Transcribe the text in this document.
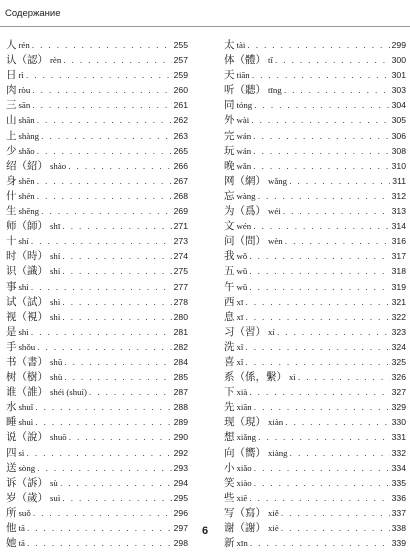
Содержание
人 rén . . .	255
认（認） rèn . . .	257
日 rì . . .	259
肉 ròu . . .	260
三 sān . . .	261
山 shān . . .	262
上 shàng . . .	263
少 shǎo . . .	265
绍（紹） shào . . .	266
身 shēn . . .	267
什 shén . . .	268
生 shēng . . .	269
师（師） shī . . .	271
十 shí . . .	273
时（時） shí . . .	274
识（識） shí . . .	275
事 shì . . .	277
试（試） shì . . .	278
视（視） shì . . .	280
是 shì . . .	281
手 shǒu . . .	282
书（書） shū . . .	284
树（樹） shù . . .	285
谁（誰） shéi (shuí) . . .	287
水 shuǐ . . .	288
睡 shuì . . .	289
说（說） shuō . . .	290
四 sì . . .	292
送 sòng . . .	293
诉（訴） sù . . .	294
岁（歲） suì . . .	295
所 suǒ . . .	296
他 tā . . .	297
她 tā . . .	298
太 tài . . .	299
体（體） tǐ . . .	300
天 tiān . . .	301
听（聽） tīng . . .	303
同 tóng . . .	304
外 wài . . .	305
完 wán . . .	306
玩 wán . . .	308
晚 wǎn . . .	310
网（網） wǎng . . .	311
忘 wàng . . .	312
为（爲） wéi . . .	313
文 wén . . .	314
问（問） wèn . . .	316
我 wǒ . . .	317
五 wǔ . . .	318
午 wǔ . . .	319
西 xī . . .	321
息 xī . . .	322
习（習） xí . . .	323
洗 xǐ . . .	324
喜 xǐ . . .	325
系（係，繫） xì . . .	326
下 xià . . .	327
先 xiān . . .	329
现（現） xiàn . . .	330
想 xiǎng . . .	331
向（嚮） xiàng . . .	332
小 xiǎo . . .	334
笑 xiào . . .	335
些 xiē . . .	336
写（寫） xiě . . .	337
谢（謝） xiè . . .	338
新 xīn . . .	339
6
